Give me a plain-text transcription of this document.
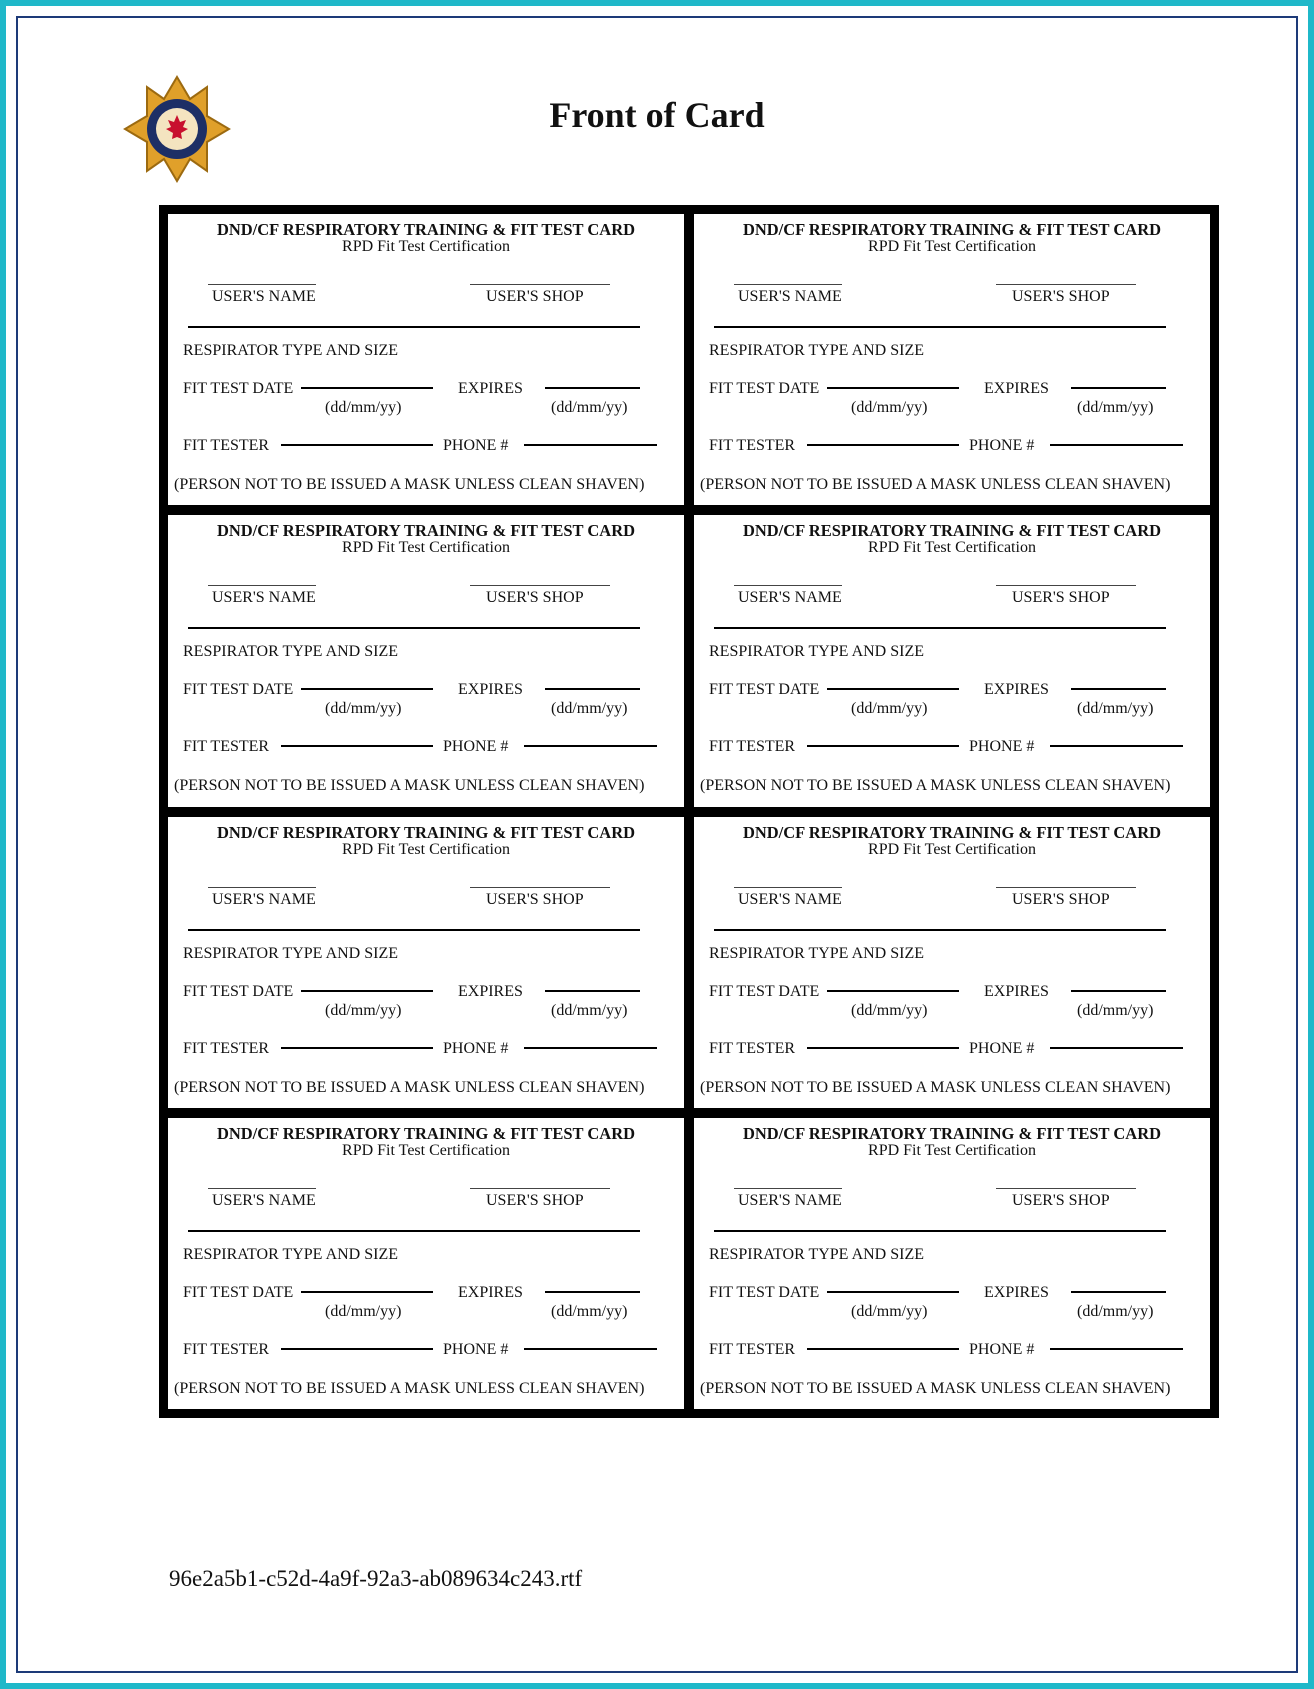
Front of Card
DND/CF RESPIRATORY TRAINING & FIT TEST CARD
RPD Fit Test Certification
USER'S NAME	USER'S SHOP
RESPIRATOR TYPE AND SIZE
FIT TEST DATE
(dd/mm/yy)
EXPIRES
(dd/mm/yy)
FIT TESTER	PHONE #
(PERSON NOT TO BE ISSUED A MASK UNLESS CLEAN SHAVEN)
DND/CF RESPIRATORY TRAINING & FIT TEST CARD
RPD Fit Test Certification
USER'S NAME	USER'S SHOP
RESPIRATOR TYPE AND SIZE
FIT TEST DATE
(dd/mm/yy)
EXPIRES
(dd/mm/yy)
FIT TESTER	PHONE #
(PERSON NOT TO BE ISSUED A MASK UNLESS CLEAN SHAVEN)
DND/CF RESPIRATORY TRAINING & FIT TEST CARD
RPD Fit Test Certification
USER'S NAME	USER'S SHOP
RESPIRATOR TYPE AND SIZE
FIT TEST DATE
(dd/mm/yy)
EXPIRES
(dd/mm/yy)
FIT TESTER	PHONE #
(PERSON NOT TO BE ISSUED A MASK UNLESS CLEAN SHAVEN)
DND/CF RESPIRATORY TRAINING & FIT TEST CARD
RPD Fit Test Certification
USER'S NAME	USER'S SHOP
RESPIRATOR TYPE AND SIZE
FIT TEST DATE
(dd/mm/yy)
EXPIRES
(dd/mm/yy)
FIT TESTER	PHONE #
(PERSON NOT TO BE ISSUED A MASK UNLESS CLEAN SHAVEN)
DND/CF RESPIRATORY TRAINING & FIT TEST CARD
RPD Fit Test Certification
USER'S NAME	USER'S SHOP
RESPIRATOR TYPE AND SIZE
FIT TEST DATE
(dd/mm/yy)
EXPIRES
(dd/mm/yy)
FIT TESTER	PHONE #
(PERSON NOT TO BE ISSUED A MASK UNLESS CLEAN SHAVEN)
DND/CF RESPIRATORY TRAINING & FIT TEST CARD
RPD Fit Test Certification
USER'S NAME	USER'S SHOP
RESPIRATOR TYPE AND SIZE
FIT TEST DATE
(dd/mm/yy)
EXPIRES
(dd/mm/yy)
FIT TESTER	PHONE #
(PERSON NOT TO BE ISSUED A MASK UNLESS CLEAN SHAVEN)
DND/CF RESPIRATORY TRAINING & FIT TEST CARD
RPD Fit Test Certification
USER'S NAME	USER'S SHOP
RESPIRATOR TYPE AND SIZE
FIT TEST DATE
(dd/mm/yy)
EXPIRES
(dd/mm/yy)
FIT TESTER	PHONE #
(PERSON NOT TO BE ISSUED A MASK UNLESS CLEAN SHAVEN)
DND/CF RESPIRATORY TRAINING & FIT TEST CARD
RPD Fit Test Certification
USER'S NAME	USER'S SHOP
RESPIRATOR TYPE AND SIZE
FIT TEST DATE
(dd/mm/yy)
EXPIRES
(dd/mm/yy)
FIT TESTER	PHONE #
(PERSON NOT TO BE ISSUED A MASK UNLESS CLEAN SHAVEN)
96e2a5b1-c52d-4a9f-92a3-ab089634c243.rtf
